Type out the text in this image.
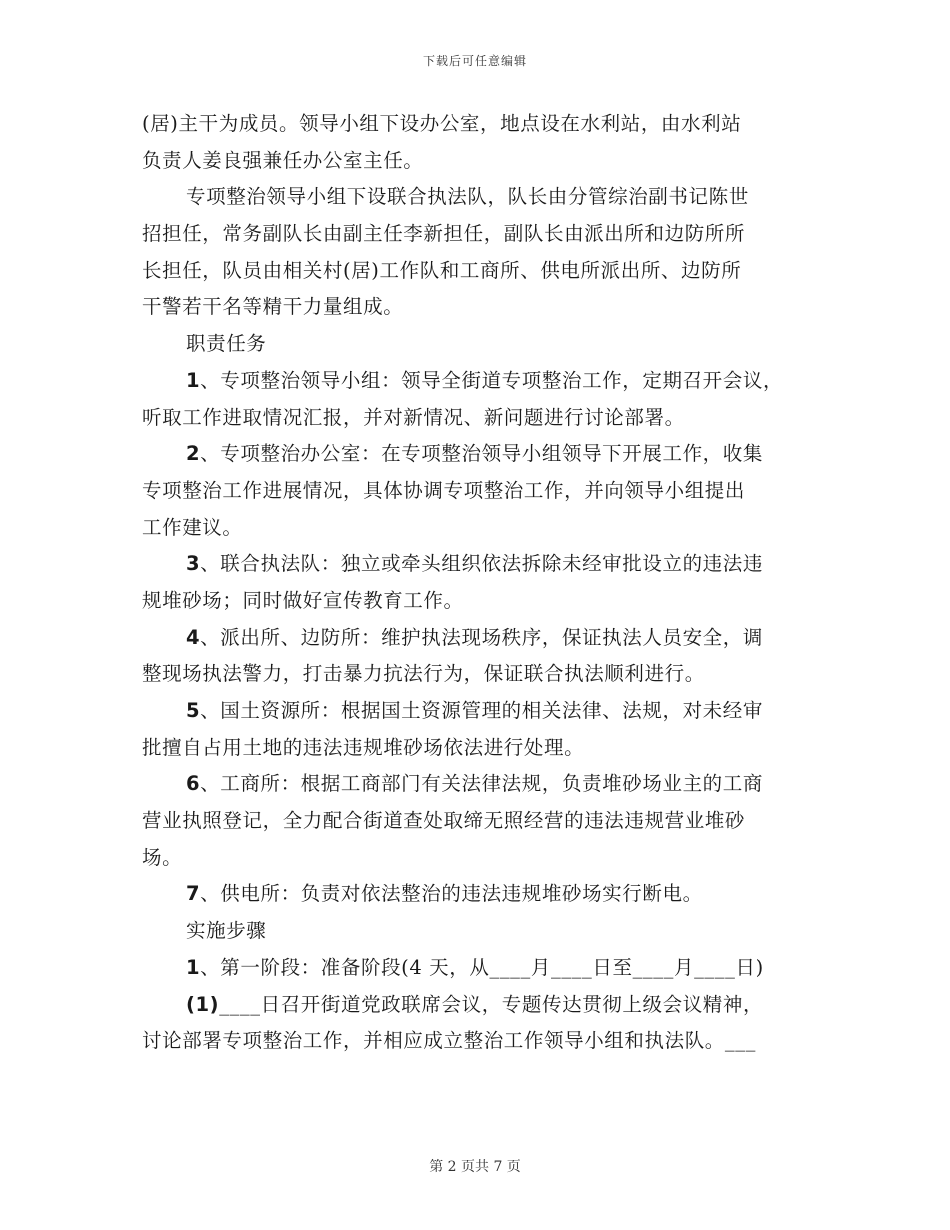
下载后可任意编辑
(居)主干为成员。领导小组下设办公室，地点设在水利站，由水利站
负责人姜良强兼任办公室主任。
专项整治领导小组下设联合执法队，队长由分管综治副书记陈世
招担任，常务副队长由副主任李新担任，副队长由派出所和边防所所
长担任，队员由相关村(居)工作队和工商所、供电所派出所、边防所
干警若干名等精干力量组成。
职责任务
1、专项整治领导小组：领导全街道专项整治工作，定期召开会议，
听取工作进取情况汇报，并对新情况、新问题进行讨论部署。
2、专项整治办公室：在专项整治领导小组领导下开展工作，收集
专项整治工作进展情况，具体协调专项整治工作，并向领导小组提出
工作建议。
3、联合执法队：独立或牵头组织依法拆除未经审批设立的违法违
规堆砂场；同时做好宣传教育工作。
4、派出所、边防所：维护执法现场秩序，保证执法人员安全，调
整现场执法警力，打击暴力抗法行为，保证联合执法顺利进行。
5、国土资源所：根据国土资源管理的相关法律、法规，对未经审
批擅自占用土地的违法违规堆砂场依法进行处理。
6、工商所：根据工商部门有关法律法规，负责堆砂场业主的工商
营业执照登记，全力配合街道查处取缔无照经营的违法违规营业堆砂
场。
7、供电所：负责对依法整治的违法违规堆砂场实行断电。
实施步骤
1、第一阶段：准备阶段(4 天，从____月____日至____月____日)
(1)____日召开街道党政联席会议，专题传达贯彻上级会议精神，
讨论部署专项整治工作，并相应成立整治工作领导小组和执法队。___
第 2 页共 7 页
